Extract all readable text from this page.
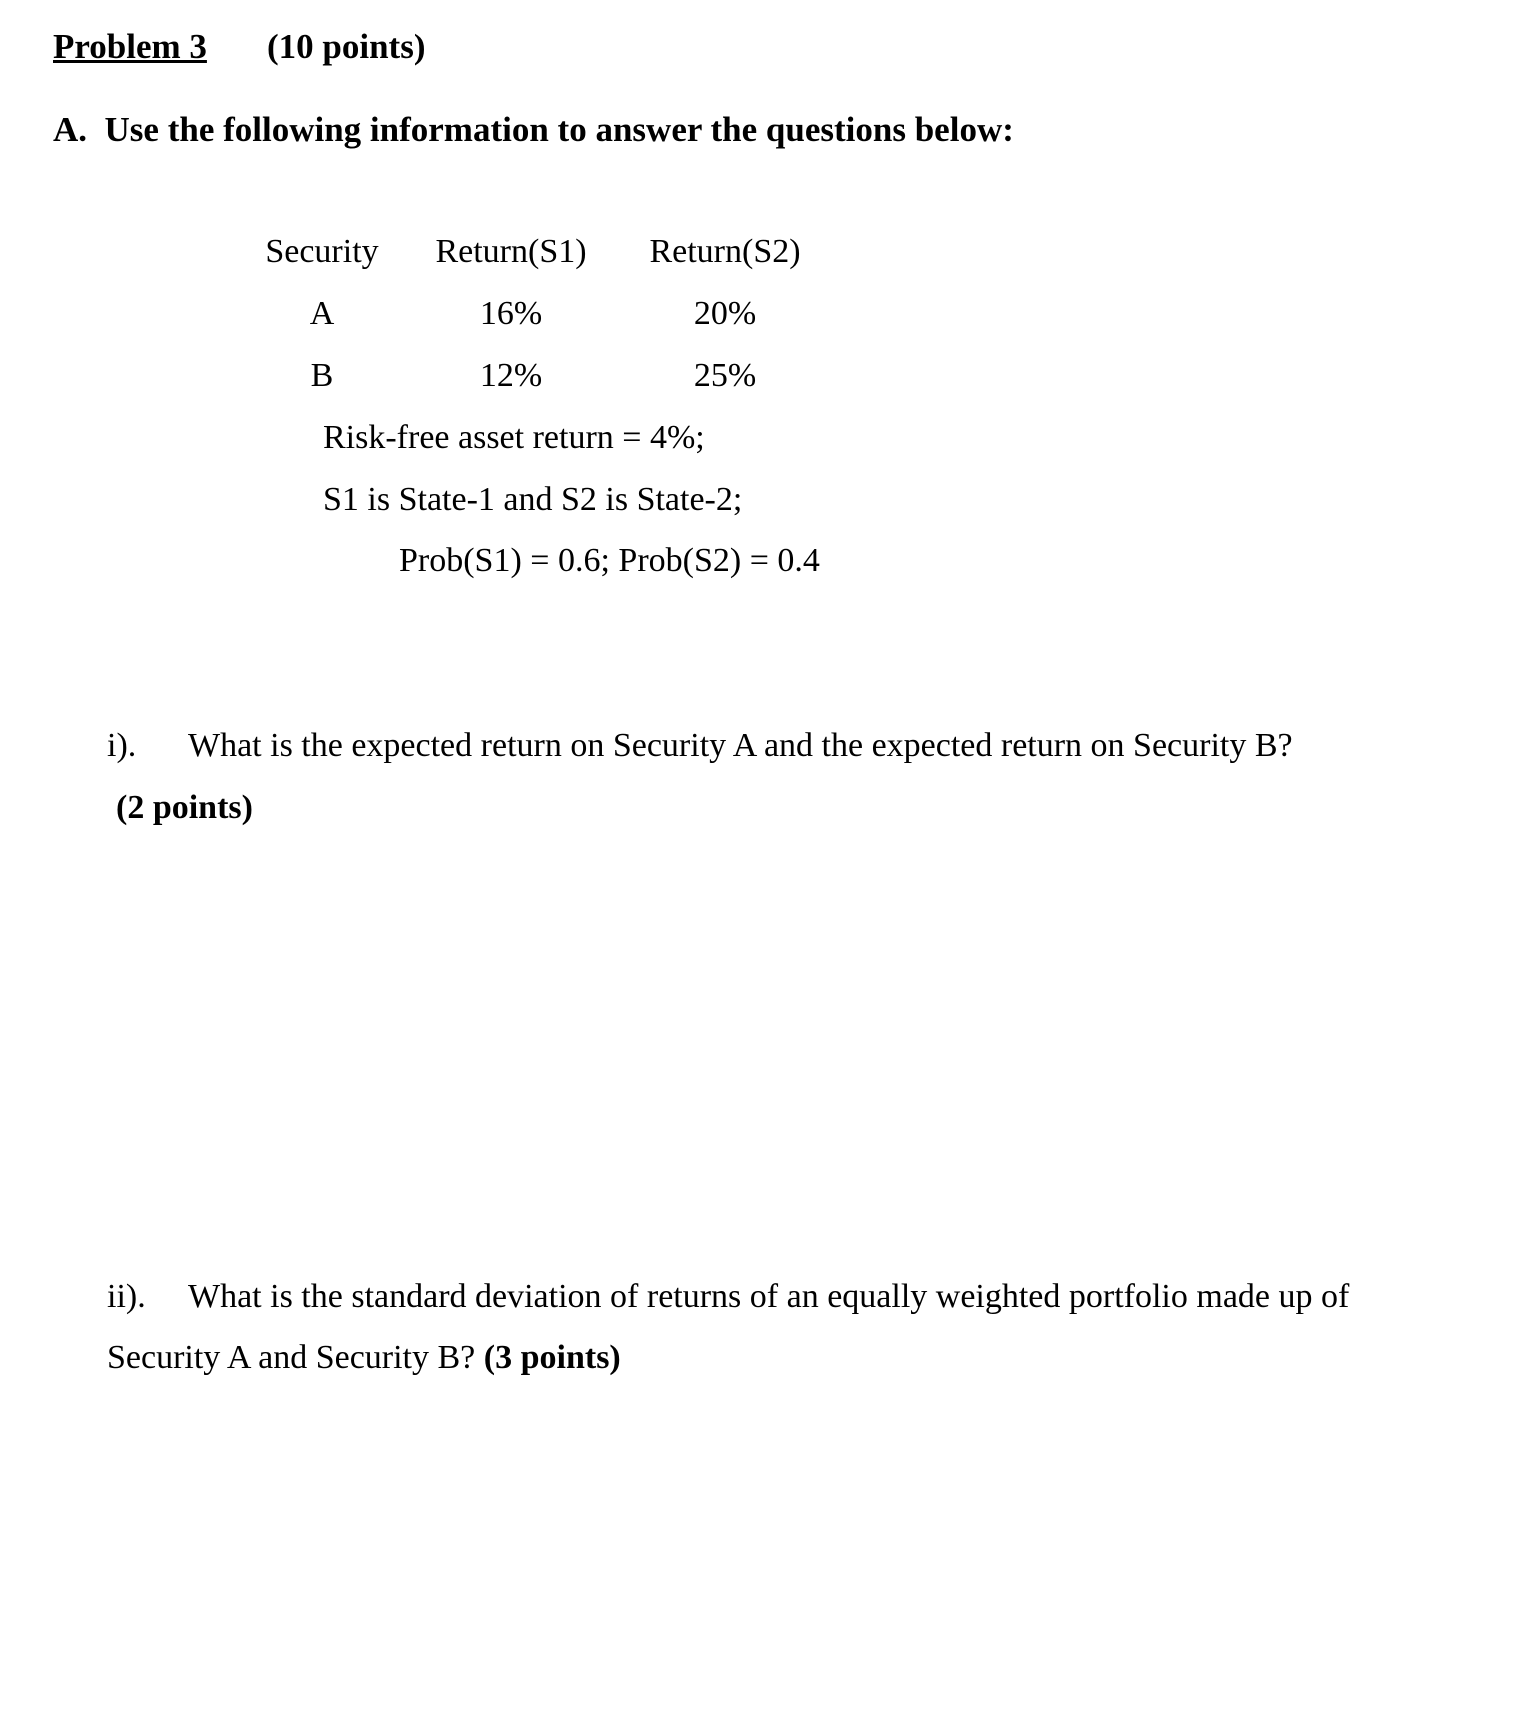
Problem 3 (10 points)
A.  Use the following information to answer the questions below:
Security Return(S1) Return(S2)
A	16%	20%
B	12%	25%
Risk-free asset return = 4%;
S1 is State-1 and S2 is State-2;
Prob(S1) = 0.6; Prob(S2) = 0.4
i). What is the expected return on Security A and the expected return on Security B?
(2 points)
ii). What is the standard deviation of returns of an equally weighted portfolio made up of
Security A and Security B? (3 points)
